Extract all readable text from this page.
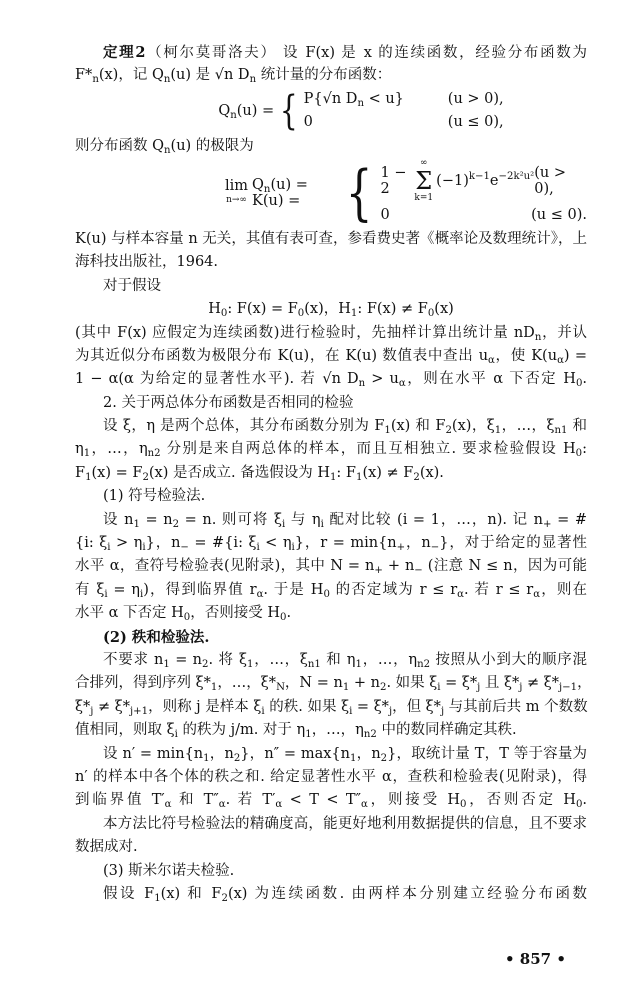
定理2（柯尔莫哥洛夫） 设 F(x) 是 x 的连续函数，经验分布函数为
$F*_n(x)$，记 $Q_n(u)$ 是 √n $D_n$ 统计量的分布函数：
$Q_n(u)$ = { P{√n $D_n < u$}	(u > 0),
0	(u ≤ 0),
则分布函数 $Q_n(u)$ 的极限为
lim
n→∞
$Q_n(u) = K(u)$ = { 1 − 2
∞
Σ
k=1
$(-1)^{k-1}e^{-2k^2u^2}$ (u > 0),
0	(u ≤ 0).
K(u) 与样本容量 n 无关，其值有表可查，参看费史著《概率论及数理统计》，上
海科技出版社，1964.
对于假设
$H_0$: $F(x) = F_0(x)$，$H_1$: $F(x) \ne F_0(x)$
(其中 F(x) 应假定为连续函数)进行检验时，先抽样计算出统计量 $nD_n$，并认
为其近似分布函数为极限分布 K(u)，在 K(u) 数值表中查出 $u_\alpha$，使 $K(u_\alpha)$ =
1 − α(α 为给定的显著性水平). 若 √n $D_n > u_\alpha$，则在水平 α 下否定 $H_0$.
2. 关于两总体分布函数是否相同的检验
设 ξ，η 是两个总体，其分布函数分别为 $F_1(x)$ 和 $F_2(x)$，$\xi_1$，…，$\xi_{n1}$ 和
$\eta_1$，…，$\eta_{n2}$ 分别是来自两总体的样本，而且互相独立. 要求检验假设 $H_0$:
$F_1(x) = F_2(x)$ 是否成立. 备选假设为 $H_1$: $F_1(x) \ne F_2(x)$.
(1) 符号检验法.
设 $n_1 = n_2 = n$. 则可将 $\xi_i$ 与 $\eta_i$ 配对比较 (i = 1，…，n). 记 $n_+$ = #
{i: $\xi_i > \eta_i$}，$n_-$ = #{i: $\xi_i < \eta_i$}，$r = \min\{n_+$，$n_-$}，对于给定的显著性
水平 α，查符号检验表(见附录)，其中 $N = n_+ + n_-$ (注意 N ≤ n，因为可能
有 $\xi_i = \eta_i$)，得到临界值 $r_\alpha$. 于是 $H_0$ 的否定域为 $r \le r_\alpha$. 若 $r \le r_\alpha$，则在
水平 α 下否定 $H_0$，否则接受 $H_0$.
(2) 秩和检验法.
不要求 $n_1 = n_2$. 将 $\xi_1$，…，$\xi_{n1}$ 和 $\eta_1$，…，$\eta_{n2}$ 按照从小到大的顺序混
合排列，得到序列 $\xi*_1$，…，$\xi*_N$，$N = n_1 + n_2$. 如果 $\xi_i = \xi*_j$ 且 $\xi*_j \ne \xi*_{j-1}$，
$\xi*_j \ne \xi*_{j+1}$，则称 j 是样本 $\xi_i$ 的秩. 如果 $\xi_i = \xi*_j$，但 $\xi*_j$ 与其前后共 m 个数数
值相同，则取 $\xi_i$ 的秩为 j/m. 对于 $\eta_1$，…，$\eta_{n2}$ 中的数同样确定其秩.
设 $n' = \min\{n_1$，$n_2$}，$n'' = \max\{n_1$，$n_2$}，取统计量 T，T 等于容量为
n′ 的样本中各个体的秩之和. 给定显著性水平 α，查秩和检验表(见附录)，得
到临界值 $T'_\alpha$ 和 $T''_\alpha$. 若 $T'_\alpha < T < T''_\alpha$，则接受 $H_0$，否则否定 $H_0$.
本方法比符号检验法的精确度高，能更好地利用数据提供的信息，且不要求
数据成对.
(3) 斯米尔诺夫检验.
假设 $F_1(x)$ 和 $F_2(x)$ 为连续函数. 由两样本分别建立经验分布函数
• 857 •
